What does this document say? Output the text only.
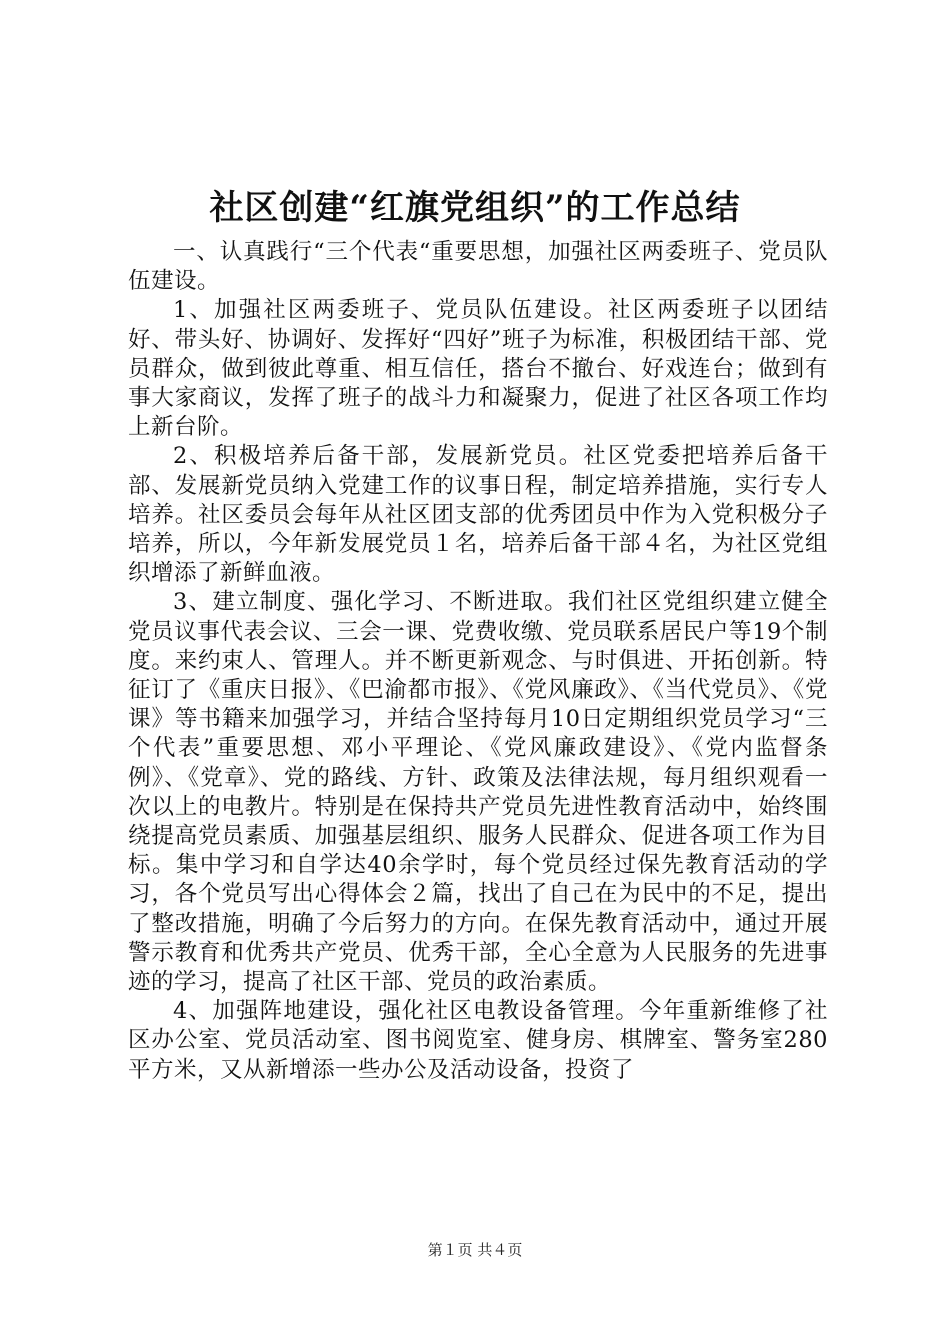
社区创建“红旗党组织”的工作总结

一、认真践行“三个代表“重要思想，加强社区两委班子、党员队伍建设。

1、加强社区两委班子、党员队伍建设。社区两委班子以团结好、带头好、协调好、发挥好“四好”班子为标准，积极团结干部、党员群众，做到彼此尊重、相互信任，搭台不撤台、好戏连台；做到有事大家商议，发挥了班子的战斗力和凝聚力，促进了社区各项工作均上新台阶。

2、积极培养后备干部，发展新党员。社区党委把培养后备干部、发展新党员纳入党建工作的议事日程，制定培养措施，实行专人培养。社区委员会每年从社区团支部的优秀团员中作为入党积极分子培养，所以，今年新发展党员１名，培养后备干部４名，为社区党组织增添了新鲜血液。

3、建立制度、强化学习、不断进取。我们社区党组织建立健全党员议事代表会议、三会一课、党费收缴、党员联系居民户等19个制度。来约束人、管理人。并不断更新观念、与时俱进、开拓创新。特征订了《重庆日报》、《巴渝都市报》、《党风廉政》、《当代党员》、《党课》等书籍来加强学习，并结合坚持每月10日定期组织党员学习“三个代表”重要思想、邓小平理论、《党风廉政建设》、《党内监督条例》、《党章》、党的路线、方针、政策及法律法规，每月组织观看一次以上的电教片。特别是在保持共产党员先进性教育活动中，始终围绕提高党员素质、加强基层组织、服务人民群众、促进各项工作为目标。集中学习和自学达40余学时，每个党员经过保先教育活动的学习，各个党员写出心得体会２篇，找出了自己在为民中的不足，提出了整改措施，明确了今后努力的方向。在保先教育活动中，通过开展警示教育和优秀共产党员、优秀干部，全心全意为人民服务的先进事迹的学习，提高了社区干部、党员的政治素质。

4、加强阵地建设，强化社区电教设备管理。今年重新维修了社区办公室、党员活动室、图书阅览室、健身房、棋牌室、警务室280平方米，又从新增添一些办公及活动设备，投资了

第１页 共４页
